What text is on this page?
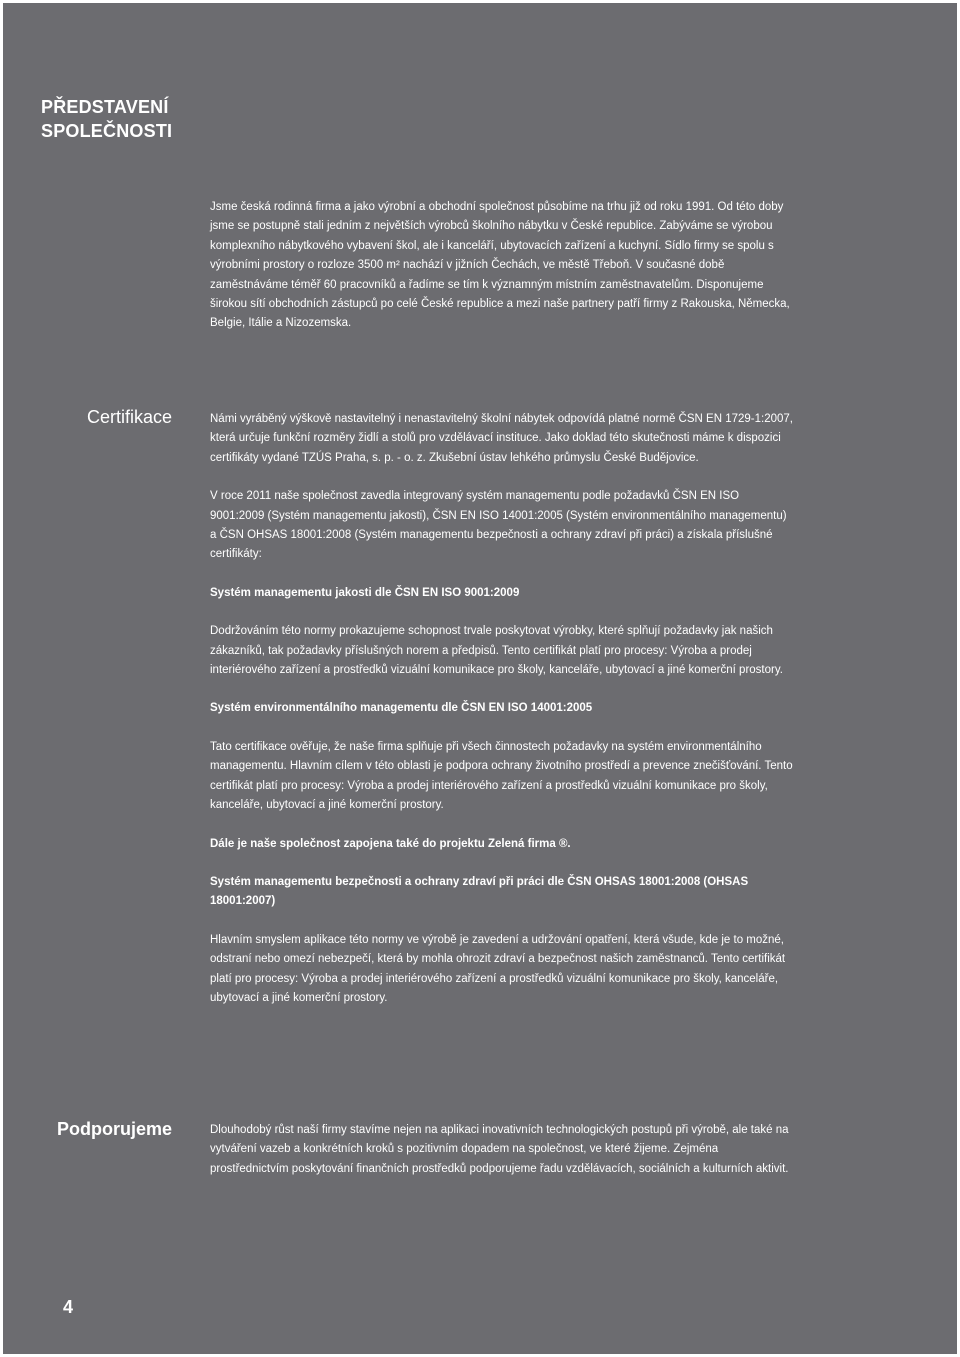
PŘEDSTAVENÍ
SPOLEČNOSTI

Jsme česká rodinná firma a jako výrobní a obchodní společnost působíme na trhu již od roku 1991. Od této doby jsme se postupně stali jedním z největších výrobců školního nábytku v České republice. Zabýváme se výrobou komplexního nábytkového vybavení škol, ale i kanceláří, ubytovacích zařízení a kuchyní. Sídlo firmy se spolu s výrobními prostory o rozloze 3500 m² nachází v jižních Čechách, ve městě Třeboň. V současné době zaměstnáváme téměř 60 pracovníků a řadíme se tím k významným místním zaměstnavatelům. Disponujeme širokou sítí obchodních zástupců po celé České republice a mezi naše partnery patří firmy z Rakouska, Německa, Belgie, Itálie a Nizozemska.

Certifikace	Námi vyráběný výškově nastavitelný i nenastavitelný školní nábytek odpovídá platné normě ČSN EN 1729-1:2007, která určuje funkční rozměry židlí a stolů pro vzdělávací instituce. Jako doklad této skutečnosti máme k dispozici certifikáty vydané TZÚS Praha, s. p. - o. z. Zkušební ústav lehkého průmyslu České Budějovice.

V roce 2011 naše společnost zavedla integrovaný systém managementu podle požadavků ČSN EN ISO 9001:2009 (Systém managementu jakosti), ČSN EN ISO 14001:2005 (Systém environmentálního managementu) a ČSN OHSAS 18001:2008 (Systém managementu bezpečnosti a ochrany zdraví při práci) a získala příslušné certifikáty:

Systém managementu jakosti dle ČSN EN ISO 9001:2009

Dodržováním této normy prokazujeme schopnost trvale poskytovat výrobky, které splňují požadavky jak našich zákazníků, tak požadavky příslušných norem a předpisů. Tento certifikát platí pro procesy: Výroba a prodej interiérového zařízení a prostředků vizuální komunikace pro školy, kanceláře, ubytovací a jiné komerční prostory.

Systém environmentálního managementu dle ČSN EN ISO 14001:2005

Tato certifikace ověřuje, že naše firma splňuje při všech činnostech požadavky na systém environmentálního managementu. Hlavním cílem v této oblasti je podpora ochrany životního prostředí a prevence znečišťování. Tento certifikát platí pro procesy: Výroba a prodej interiérového zařízení a prostředků vizuální komunikace pro školy, kanceláře, ubytovací a jiné komerční prostory.

Dále je naše společnost zapojena také do projektu Zelená firma ®.

Systém managementu bezpečnosti a ochrany zdraví při práci dle ČSN OHSAS 18001:2008 (OHSAS 18001:2007)

Hlavním smyslem aplikace této normy ve výrobě je zavedení a udržování opatření, která všude, kde je to možné, odstraní nebo omezí nebezpečí, která by mohla ohrozit zdraví a bezpečnost našich zaměstnanců. Tento certifikát platí pro procesy: Výroba a prodej interiérového zařízení a prostředků vizuální komunikace pro školy, kanceláře, ubytovací a jiné komerční prostory.

Podporujeme	Dlouhodobý růst naší firmy stavíme nejen na aplikaci inovativních technologických postupů při výrobě, ale také na vytváření vazeb a konkrétních kroků s pozitivním dopadem na společnost, ve které žijeme. Zejména prostřednictvím poskytování finančních prostředků podporujeme řadu vzdělávacích, sociálních a kulturních aktivit.

4
